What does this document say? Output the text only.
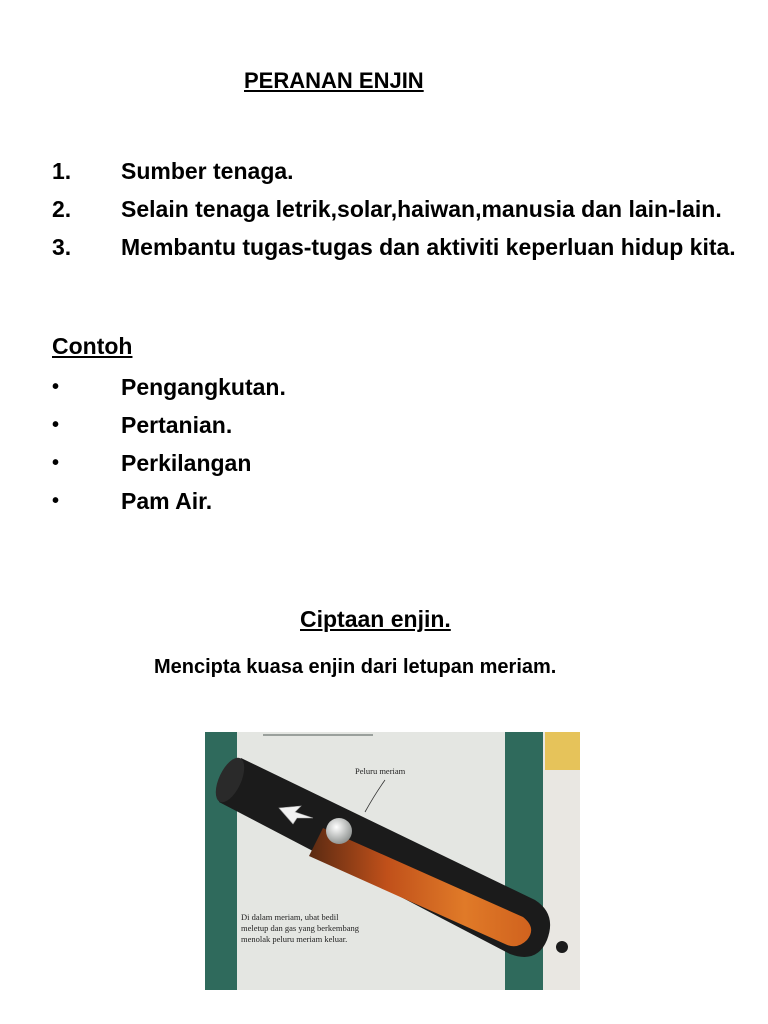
PERANAN ENJIN
1. Sumber tenaga.
2. Selain tenaga letrik,solar,haiwan,manusia dan lain-lain.
3. Membantu tugas-tugas dan aktiviti keperluan hidup kita.
Contoh
•	Pengangkutan.
•	Pertanian.
•	Perkilangan
•	Pam Air.
Ciptaan enjin.

Mencipta kuasa enjin dari letupan meriam.

Peluru meriam
Di dalam meriam, ubat bedil meletup dan gas yang berkembang menolak peluru meriam keluar.
